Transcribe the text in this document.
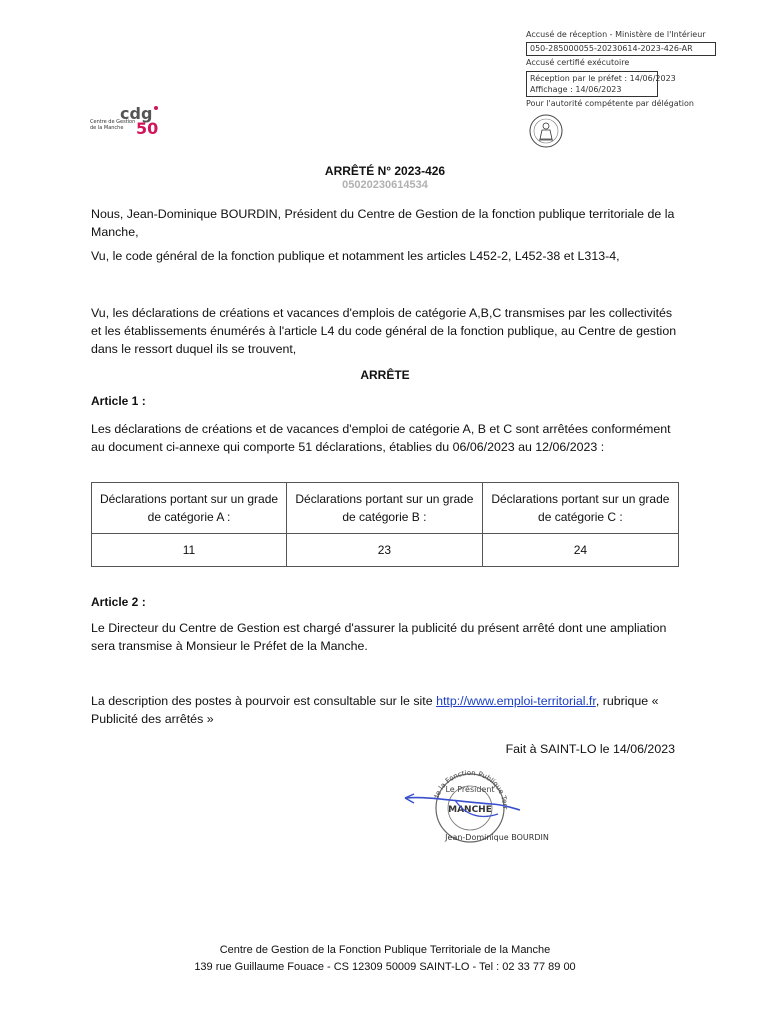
Accusé de réception - Ministère de l'Intérieur
050-285000055-20230614-2023-426-AR
Accusé certifié exécutoire
Réception par le préfet : 14/06/2023
Affichage : 14/06/2023
Pour l'autorité compétente par délégation
cdg
50
Centre de Gestion
de la Manche
ARRÊTÉ N° 2023-426
05020230614534
Nous, Jean-Dominique BOURDIN, Président du Centre de Gestion de la fonction publique territoriale de la Manche,
Vu, le code général de la fonction publique et notamment les articles L452-2, L452-38 et L313-4,
Vu, les déclarations de créations et vacances d'emplois de catégorie A,B,C transmises par les collectivités et les établissements énumérés à l'article L4 du code général de la fonction publique, au Centre de gestion dans le ressort duquel ils se trouvent,
ARRÊTE
Article 1 :
Les déclarations de créations et de vacances d'emploi de catégorie A, B et C sont arrêtées conformément au document ci-annexe qui comporte 51 déclarations, établies du 06/06/2023 au 12/06/2023 :
Déclarations portant sur un grade de catégorie A :	Déclarations portant sur un grade de catégorie B :	Déclarations portant sur un grade de catégorie C :
11	23	24
Article 2 :
Le Directeur du Centre de Gestion est chargé d'assurer la publicité du présent arrêté dont une ampliation sera transmise à Monsieur le Préfet de la Manche.
La description des postes à pourvoir est consultable sur le site http://www.emploi-territorial.fr, rubrique « Publicité des arrêtés »
Fait à SAINT-LO le 14/06/2023
de la Fonction Publique Terr
Le Président
MANCHE
Jean-Dominique BOURDIN
Centre de Gestion de la Fonction Publique Territoriale de la Manche
139 rue Guillaume Fouace - CS 12309 50009 SAINT-LO - Tel : 02 33 77 89 00
